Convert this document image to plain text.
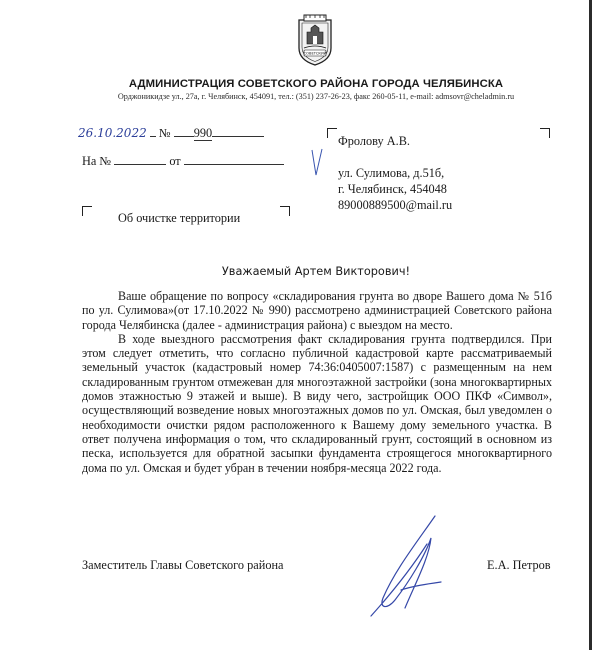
СОВЕТСКИЙ
АДМИНИСТРАЦИЯ СОВЕТСКОГО РАЙОНА ГОРОДА ЧЕЛЯБИНСКА
Орджоникидзе ул., 27а, г. Челябинск, 454091, тел.: (351) 237-26-23, факс 260-05-11, e-mail: admsovr@cheladmin.ru
26.10.2022 № 990
На №	от
Об очистке территории
Фролову А.В.
ул. Сулимова, д.51б,
г. Челябинск, 454048
89000889500@mail.ru
Уважаемый Артем Викторович!

Ваше обращение по вопросу «складирования грунта во дворе Вашего дома № 51б по ул. Сулимова»(от 17.10.2022 № 990) рассмотрено администрацией Советского района города Челябинска (далее - администрация района) с выездом на место.

В ходе выездного рассмотрения факт складирования грунта подтвердился. При этом следует отметить, что согласно публичной кадастровой карте рассматриваемый земельный участок (кадастровый номер 74:36:0405007:1587) с размещенным на нем складированным грунтом отмежеван для многоэтажной застройки (зона многоквартирных домов этажностью 9 этажей и выше). В виду чего, застройщик ООО ПКФ «Символ», осуществляющий возведение новых многоэтажных домов по ул. Омская, был уведомлен о необходимости очистки рядом расположенного к Вашему дому земельного участка. В ответ получена информация о том, что складированный грунт, состоящий в основном из песка, используется для обратной засыпки фундамента строящегося многоквартирного дома по ул. Омская и будет убран в течении ноября-месяца 2022 года.

Заместитель Главы Советского района	Е.А. Петров
